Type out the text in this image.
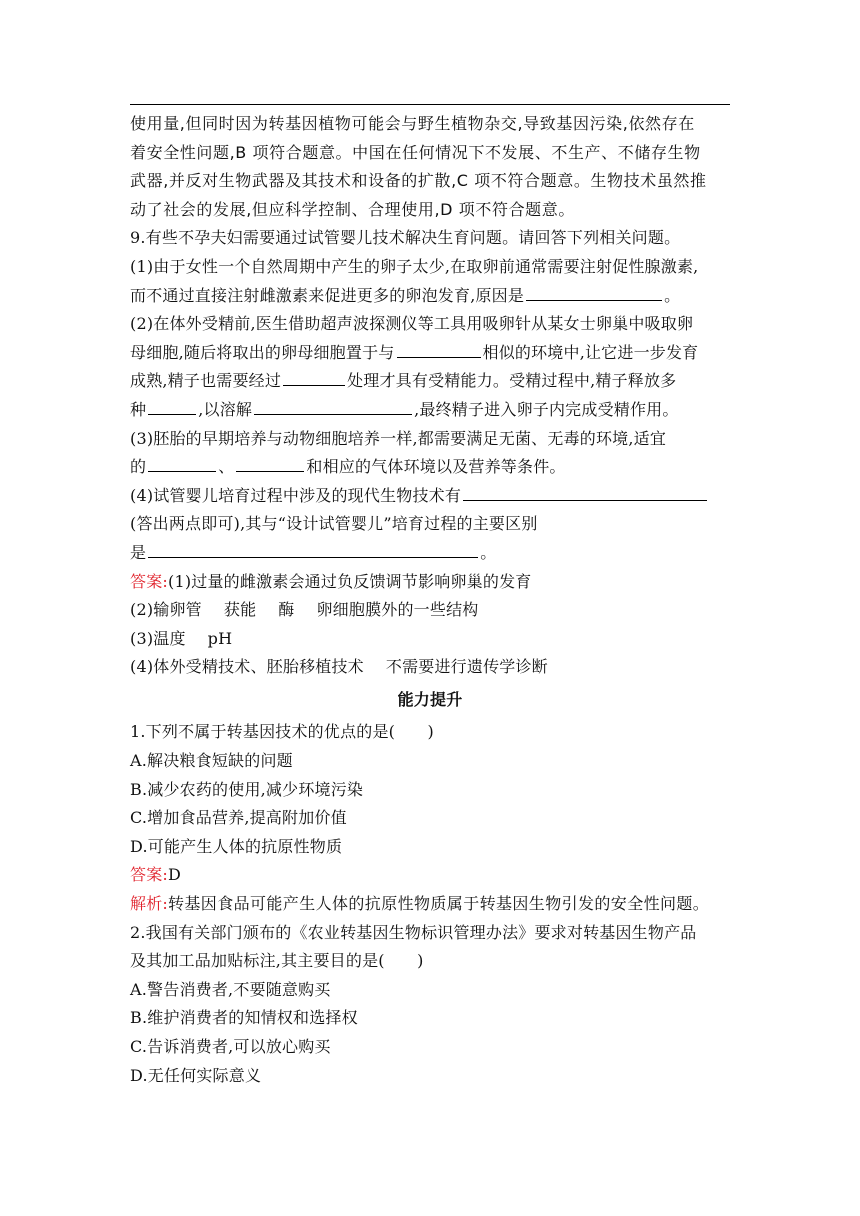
使用量,但同时因为转基因植物可能会与野生植物杂交,导致基因污染,依然存在
着安全性问题,B 项符合题意。中国在任何情况下不发展、不生产、不储存生物
武器,并反对生物武器及其技术和设备的扩散,C 项不符合题意。生物技术虽然推
动了社会的发展,但应科学控制、合理使用,D 项不符合题意。
9.有些不孕夫妇需要通过试管婴儿技术解决生育问题。请回答下列相关问题。
(1)由于女性一个自然周期中产生的卵子太少,在取卵前通常需要注射促性腺激素,
而不通过直接注射雌激素来促进更多的卵泡发育,原因是	。
(2)在体外受精前,医生借助超声波探测仪等工具用吸卵针从某女士卵巢中吸取卵
母细胞,随后将取出的卵母细胞置于与	相似的环境中,让它进一步发育
成熟,精子也需要经过	处理才具有受精能力。受精过程中,精子释放多
种	,以溶解	,最终精子进入卵子内完成受精作用。
(3)胚胎的早期培养与动物细胞培养一样,都需要满足无菌、无毒的环境,适宜
的	、	和相应的气体环境以及营养等条件。
(4)试管婴儿培育过程中涉及的现代生物技术有
(答出两点即可),其与“设计试管婴儿”培育过程的主要区别
是	。
答案:(1)过量的雌激素会通过负反馈调节影响卵巢的发育
(2)输卵管 获能 酶 卵细胞膜外的一些结构
(3)温度 pH
(4)体外受精技术、胚胎移植技术 不需要进行遗传学诊断
能力提升
1.下列不属于转基因技术的优点的是(　　)
A.解决粮食短缺的问题
B.减少农药的使用,减少环境污染
C.增加食品营养,提高附加价值
D.可能产生人体的抗原性物质
答案:D
解析:转基因食品可能产生人体的抗原性物质属于转基因生物引发的安全性问题。
2.我国有关部门颁布的《农业转基因生物标识管理办法》要求对转基因生物产品
及其加工品加贴标注,其主要目的是(　　)
A.警告消费者,不要随意购买
B.维护消费者的知情权和选择权
C.告诉消费者,可以放心购买
D.无任何实际意义
